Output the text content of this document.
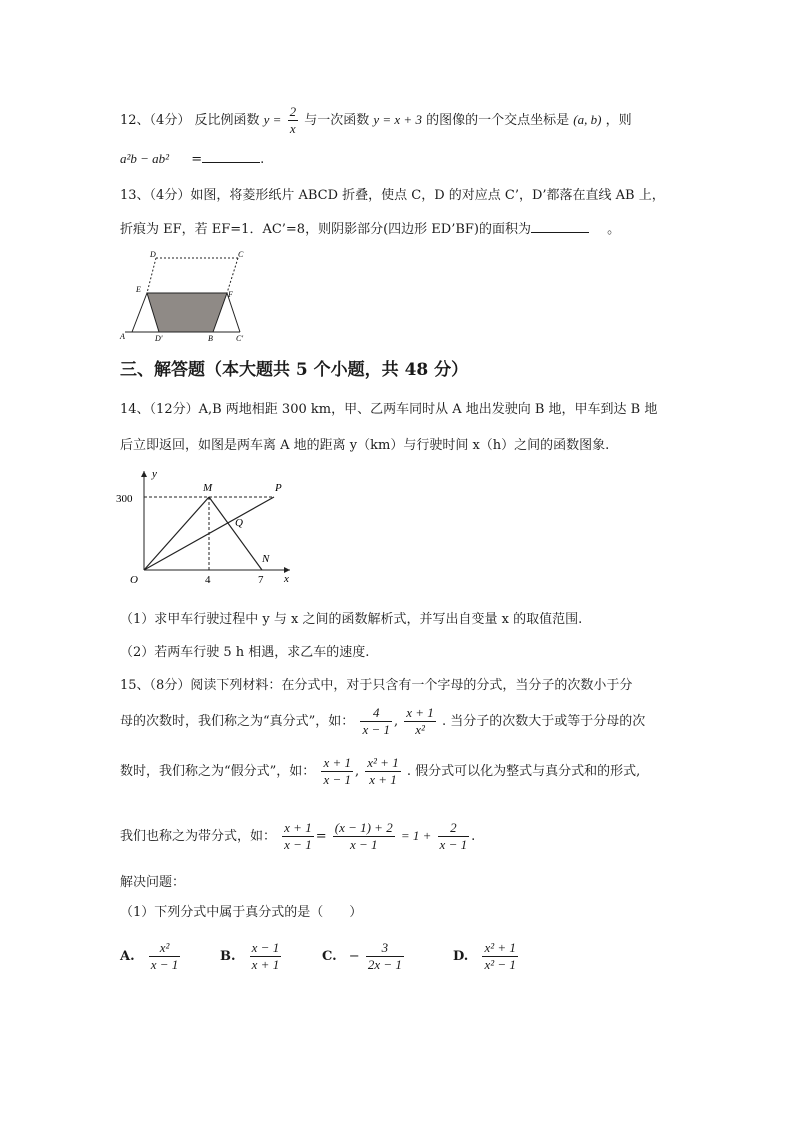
12、（4分） 反比例函数 $y = \frac{2}{x}$ 与一次函数 y = x + 3 的图像的一个交点坐标是 (a, b) ，则
a²b − ab² =	.
13、（4分）如图，将菱形纸片 ABCD 折叠，使点 C，D 的对应点 C’，D’都落在直线 AB 上，
折痕为 EF，若 EF=1．AC’=8，则阴影部分(四边形 ED’BF)的面积为	。
D	C
E
F
A	D'	B	C'
三、解答题（本大题共 5 个小题，共 48 分）
14、（12分）A,B 两地相距 300 km，甲、乙两车同时从 A 地出发驶向 B 地，甲车到达 B 地
后立即返回，如图是两车离 A 地的距离 y（km）与行驶时间 x（h）之间的函数图象.
y
x
O
M	P
Q
N
300
4	7
（1）求甲车行驶过程中 y 与 x 之间的函数解析式，并写出自变量 x 的取值范围.
（2）若两车行驶 5 h 相遇，求乙车的速度.
15、（8分）阅读下列材料：在分式中，对于只含有一个字母的分式，当分子的次数小于分
母的次数时，我们称之为“真分式”，如： $\frac{4}{x - 1}$ , $\frac{x + 1}{\text{x²}}$ . 当分子的次数大于或等于分母的次
数时，我们称之为“假分式”，如： $\frac{x + 1}{x - 1}$ , $\frac{\text{x² + 1}}{x + 1}$ . 假分式可以化为整式与真分式和的形式,
我们也称之为带分式，如： $\frac{x + 1}{x - 1} = \frac{(x - 1) + 2}{x - 1} = 1 + \frac{2}{x - 1}$ .
解决问题：
（1）下列分式中属于真分式的是（　　）
A. $\frac{\text{x²}}{x - 1}$	B. $\frac{x - 1}{x + 1}$	C. − $\frac{3}{2x - 1}$	D. $\frac{\text{x² + 1}}{\text{x² − 1}}$
